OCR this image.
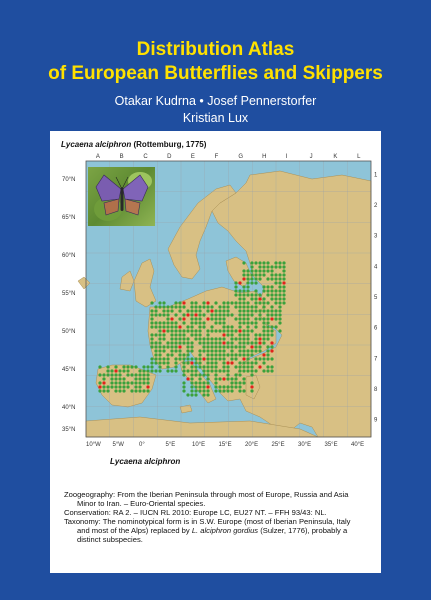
Distribution Atlas
of European Butterflies and Skippers
Otakar Kudrna • Josef Pennerstorfer
Kristian Lux
Lycaena alciphron (Rottemburg, 1775)
A	B	C	D	E	F	G	H	I	J	K	L
1
2
3
4
5
6
7
8
9
70°N
65°N
60°N
55°N
50°N
45°N
40°N
35°N
10°W 5°W	0°	5°E	10°E 15°E 20°E 25°E 30°E 35°E 40°E
Lycaena alciphron

Zoogeography: From the Iberian Peninsula through most of Europe, Russia and Asia

Minor to Iran. – Euro-Oriental species.

Conservation: RA 2. – IUCN RL 2010: Europe LC, EU27 NT. – FFH 93/43: NL.

Taxonomy: The nominotypical form is in S.W. Europe (most of Iberian Peninsula, Italy

and most of the Alps) replaced by L. alciphron gordius (Sulzer, 1776), probably a

distinct subspecies.
